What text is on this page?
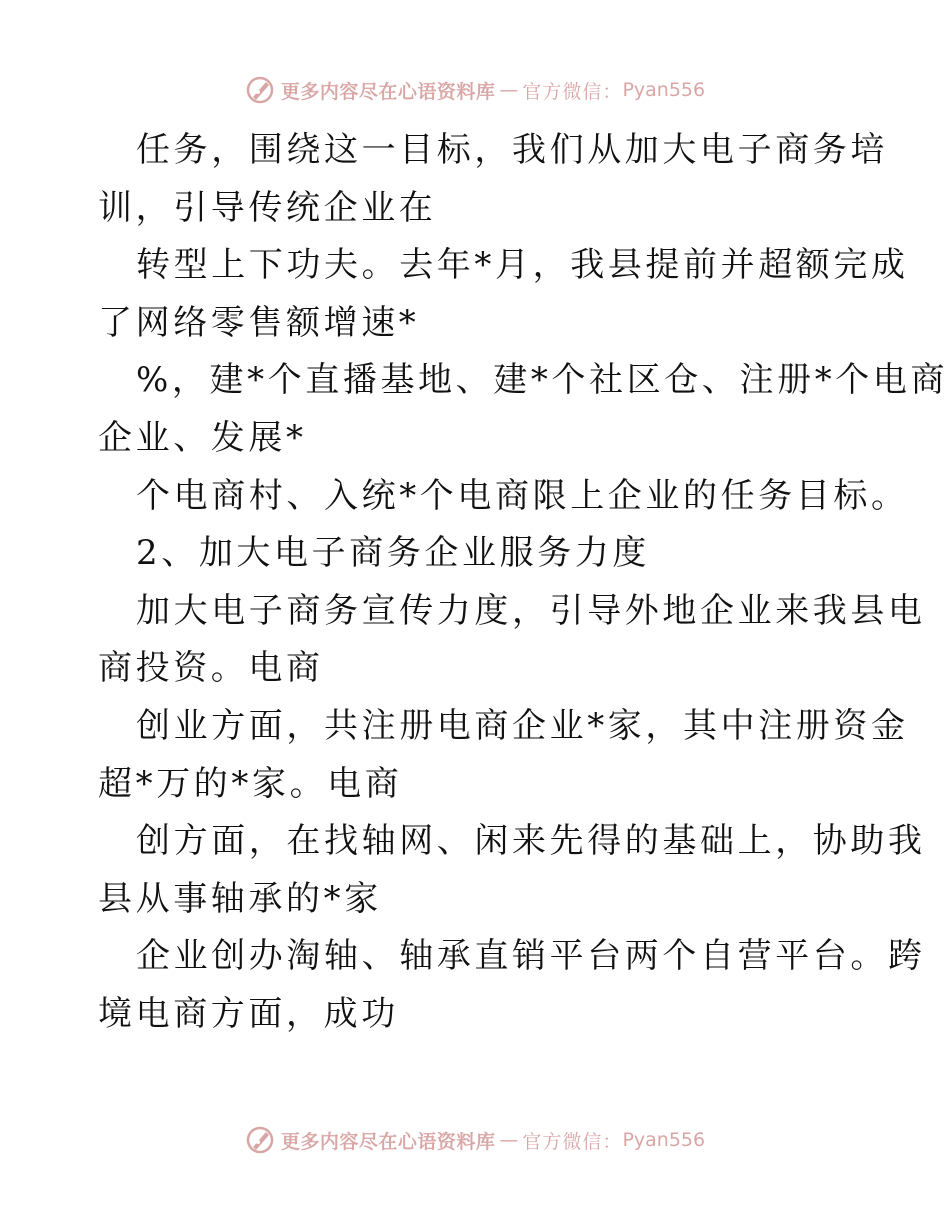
更多内容尽在心语资料库 — 官方微信： Pyan556
任务，围绕这一目标，我们从加大电子商务培
训，引导传统企业在
转型上下功夫。去年*月，我县提前并超额完成
了网络零售额增速*
%，建*个直播基地、建*个社区仓、注册*个电商
企业、发展*
个电商村、入统*个电商限上企业的任务目标。
2、加大电子商务企业服务力度
加大电子商务宣传力度，引导外地企业来我县电
商投资。电商
创业方面，共注册电商企业*家，其中注册资金
超*万的*家。电商
创方面，在找轴网、闲来先得的基础上，协助我
县从事轴承的*家
企业创办淘轴、轴承直销平台两个自营平台。跨
境电商方面，成功
更多内容尽在心语资料库 — 官方微信： Pyan556
